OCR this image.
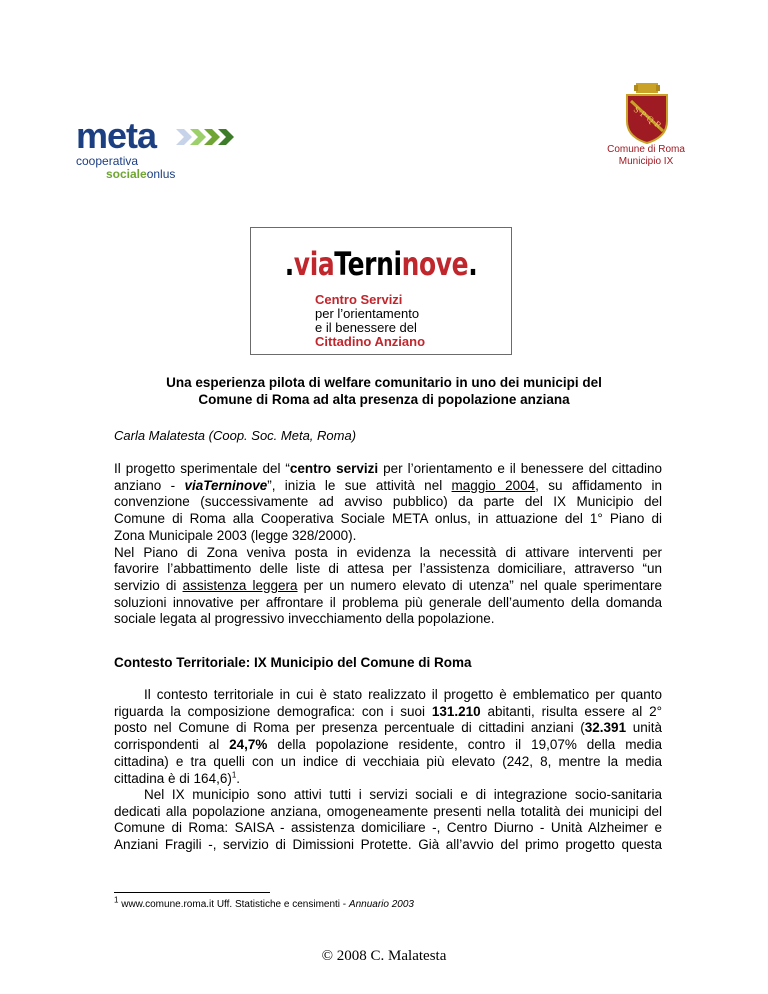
meta
cooperativa
socialeonlus
S·P·Q·R
Comune di Roma
Municipio IX
.viaTerninove.
Centro Servizi
per l’orientamento
e il benessere del
Cittadino Anziano
Una esperienza pilota di welfare comunitario in uno dei municipi del
Comune di Roma ad alta presenza di popolazione anziana
Carla Malatesta (Coop. Soc. Meta, Roma)
Il progetto sperimentale del “centro servizi per l’orientamento e il benessere del cittadino
anziano - viaTerninove”, inizia le sue attività nel maggio 2004, su affidamento in
convenzione (successivamente ad avviso pubblico) da parte del IX Municipio del
Comune di Roma alla Cooperativa Sociale META onlus, in attuazione del 1° Piano di
Zona Municipale 2003 (legge 328/2000).
Nel Piano di Zona veniva posta in evidenza la necessità di attivare interventi per
favorire l’abbattimento delle liste di attesa per l’assistenza domiciliare, attraverso “un
servizio di assistenza leggera per un numero elevato di utenza” nel quale sperimentare
soluzioni innovative per affrontare il problema più generale dell’aumento della domanda
sociale legata al progressivo invecchiamento della popolazione.
Contesto Territoriale: IX Municipio del Comune di Roma
Il contesto territoriale in cui è stato realizzato il progetto è emblematico per quanto
riguarda la composizione demografica: con i suoi 131.210 abitanti, risulta essere al 2°
posto nel Comune di Roma per presenza percentuale di cittadini anziani (32.391 unità
corrispondenti al 24,7% della popolazione residente, contro il 19,07% della media
cittadina) e tra quelli con un indice di vecchiaia più elevato (242, 8, mentre la media
cittadina è di 164,6)$^1$.
Nel IX municipio sono attivi tutti i servizi sociali e di integrazione socio-sanitaria
dedicati alla popolazione anziana, omogeneamente presenti nella totalità dei municipi del
Comune di Roma: SAISA - assistenza domiciliare -, Centro Diurno - Unità Alzheimer e
Anziani Fragili -, servizio di Dimissioni Protette. Già all’avvio del primo progetto questa
$^1$ www.comune.roma.it Uff. Statistiche e censimenti - Annuario 2003
© 2008 C. Malatesta
